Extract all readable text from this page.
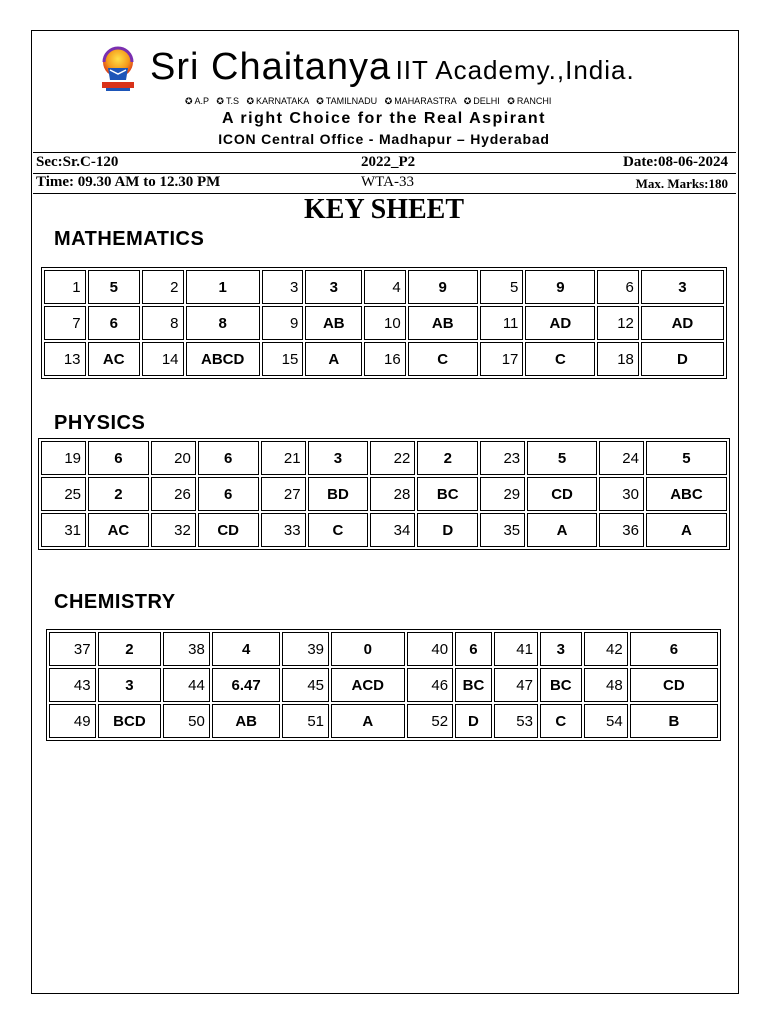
Sri Chaitanya IIT Academy.,India.
✪ A.P ✪ T.S ✪ KARNATAKA ✪ TAMILNADU ✪ MAHARASTRA ✪ DELHI ✪ RANCHI
A right Choice for the Real Aspirant
ICON Central Office - Madhapur – Hyderabad
Sec:Sr.C-120	2022_P2	Date:08-06-2024
Time: 09.30 AM to 12.30 PM	WTA-33	Max. Marks:180
KEY SHEET
MATHEMATICS
1	5	2	1	3	3	4	9	5	9	6	3
7	6	8	8	9	AB	10	AB	11	AD	12	AD
13	AC	14	ABCD	15	A	16	C	17	C	18	D
PHYSICS
19	6	20	6	21	3	22	2	23	5	24	5
25	2	26	6	27	BD	28	BC	29	CD	30	ABC
31	AC	32	CD	33	C	34	D	35	A	36	A
CHEMISTRY
37	2	38	4	39	0	40	6	41	3	42	6
43	3	44	6.47	45	ACD	46	BC	47	BC	48	CD
49	BCD	50	AB	51	A	52	D	53	C	54	B
